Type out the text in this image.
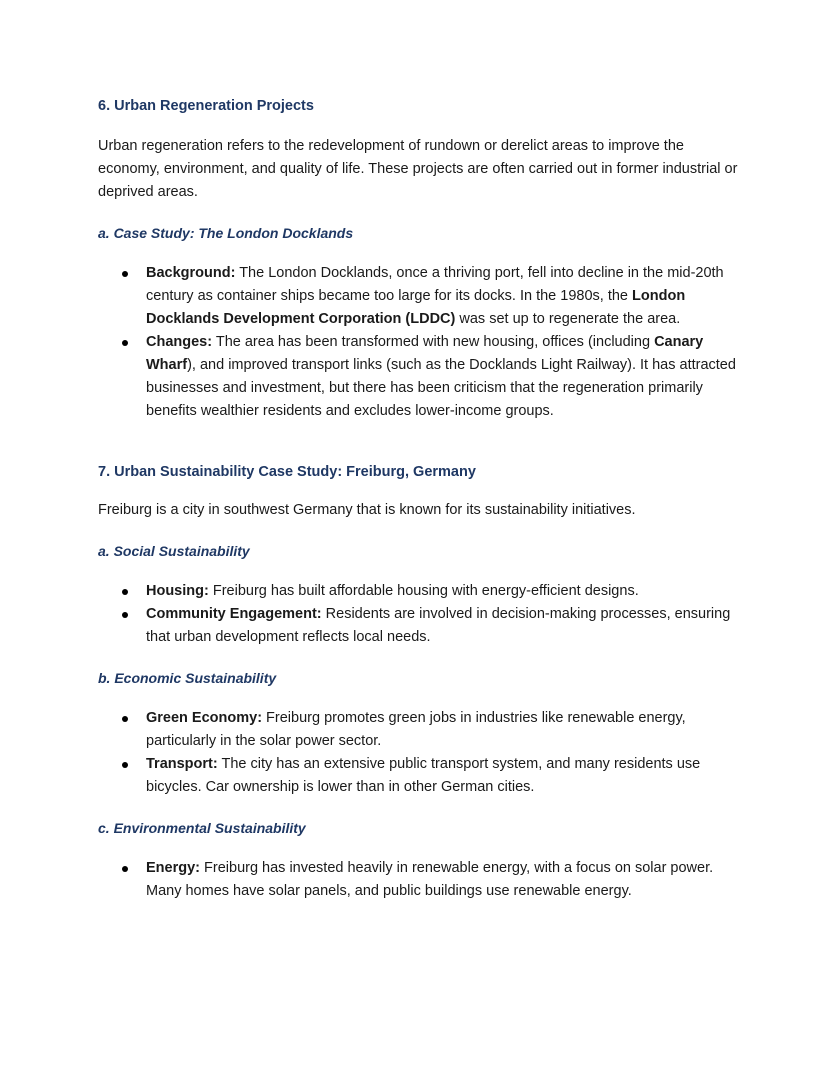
6. Urban Regeneration Projects

Urban regeneration refers to the redevelopment of rundown or derelict areas to improve the economy, environment, and quality of life. These projects are often carried out in former industrial or deprived areas.

a. Case Study: The London Docklands
Background: The London Docklands, once a thriving port, fell into decline in the mid-20th century as container ships became too large for its docks. In the 1980s, the London Docklands Development Corporation (LDDC) was set up to regenerate the area.
Changes: The area has been transformed with new housing, offices (including Canary Wharf), and improved transport links (such as the Docklands Light Railway). It has attracted businesses and investment, but there has been criticism that the regeneration primarily benefits wealthier residents and excludes lower-income groups.
7. Urban Sustainability Case Study: Freiburg, Germany

Freiburg is a city in southwest Germany that is known for its sustainability initiatives.

a. Social Sustainability
Housing: Freiburg has built affordable housing with energy-efficient designs.
Community Engagement: Residents are involved in decision-making processes, ensuring that urban development reflects local needs.
b. Economic Sustainability
Green Economy: Freiburg promotes green jobs in industries like renewable energy, particularly in the solar power sector.
Transport: The city has an extensive public transport system, and many residents use bicycles. Car ownership is lower than in other German cities.
c. Environmental Sustainability
Energy: Freiburg has invested heavily in renewable energy, with a focus on solar power. Many homes have solar panels, and public buildings use renewable energy.
